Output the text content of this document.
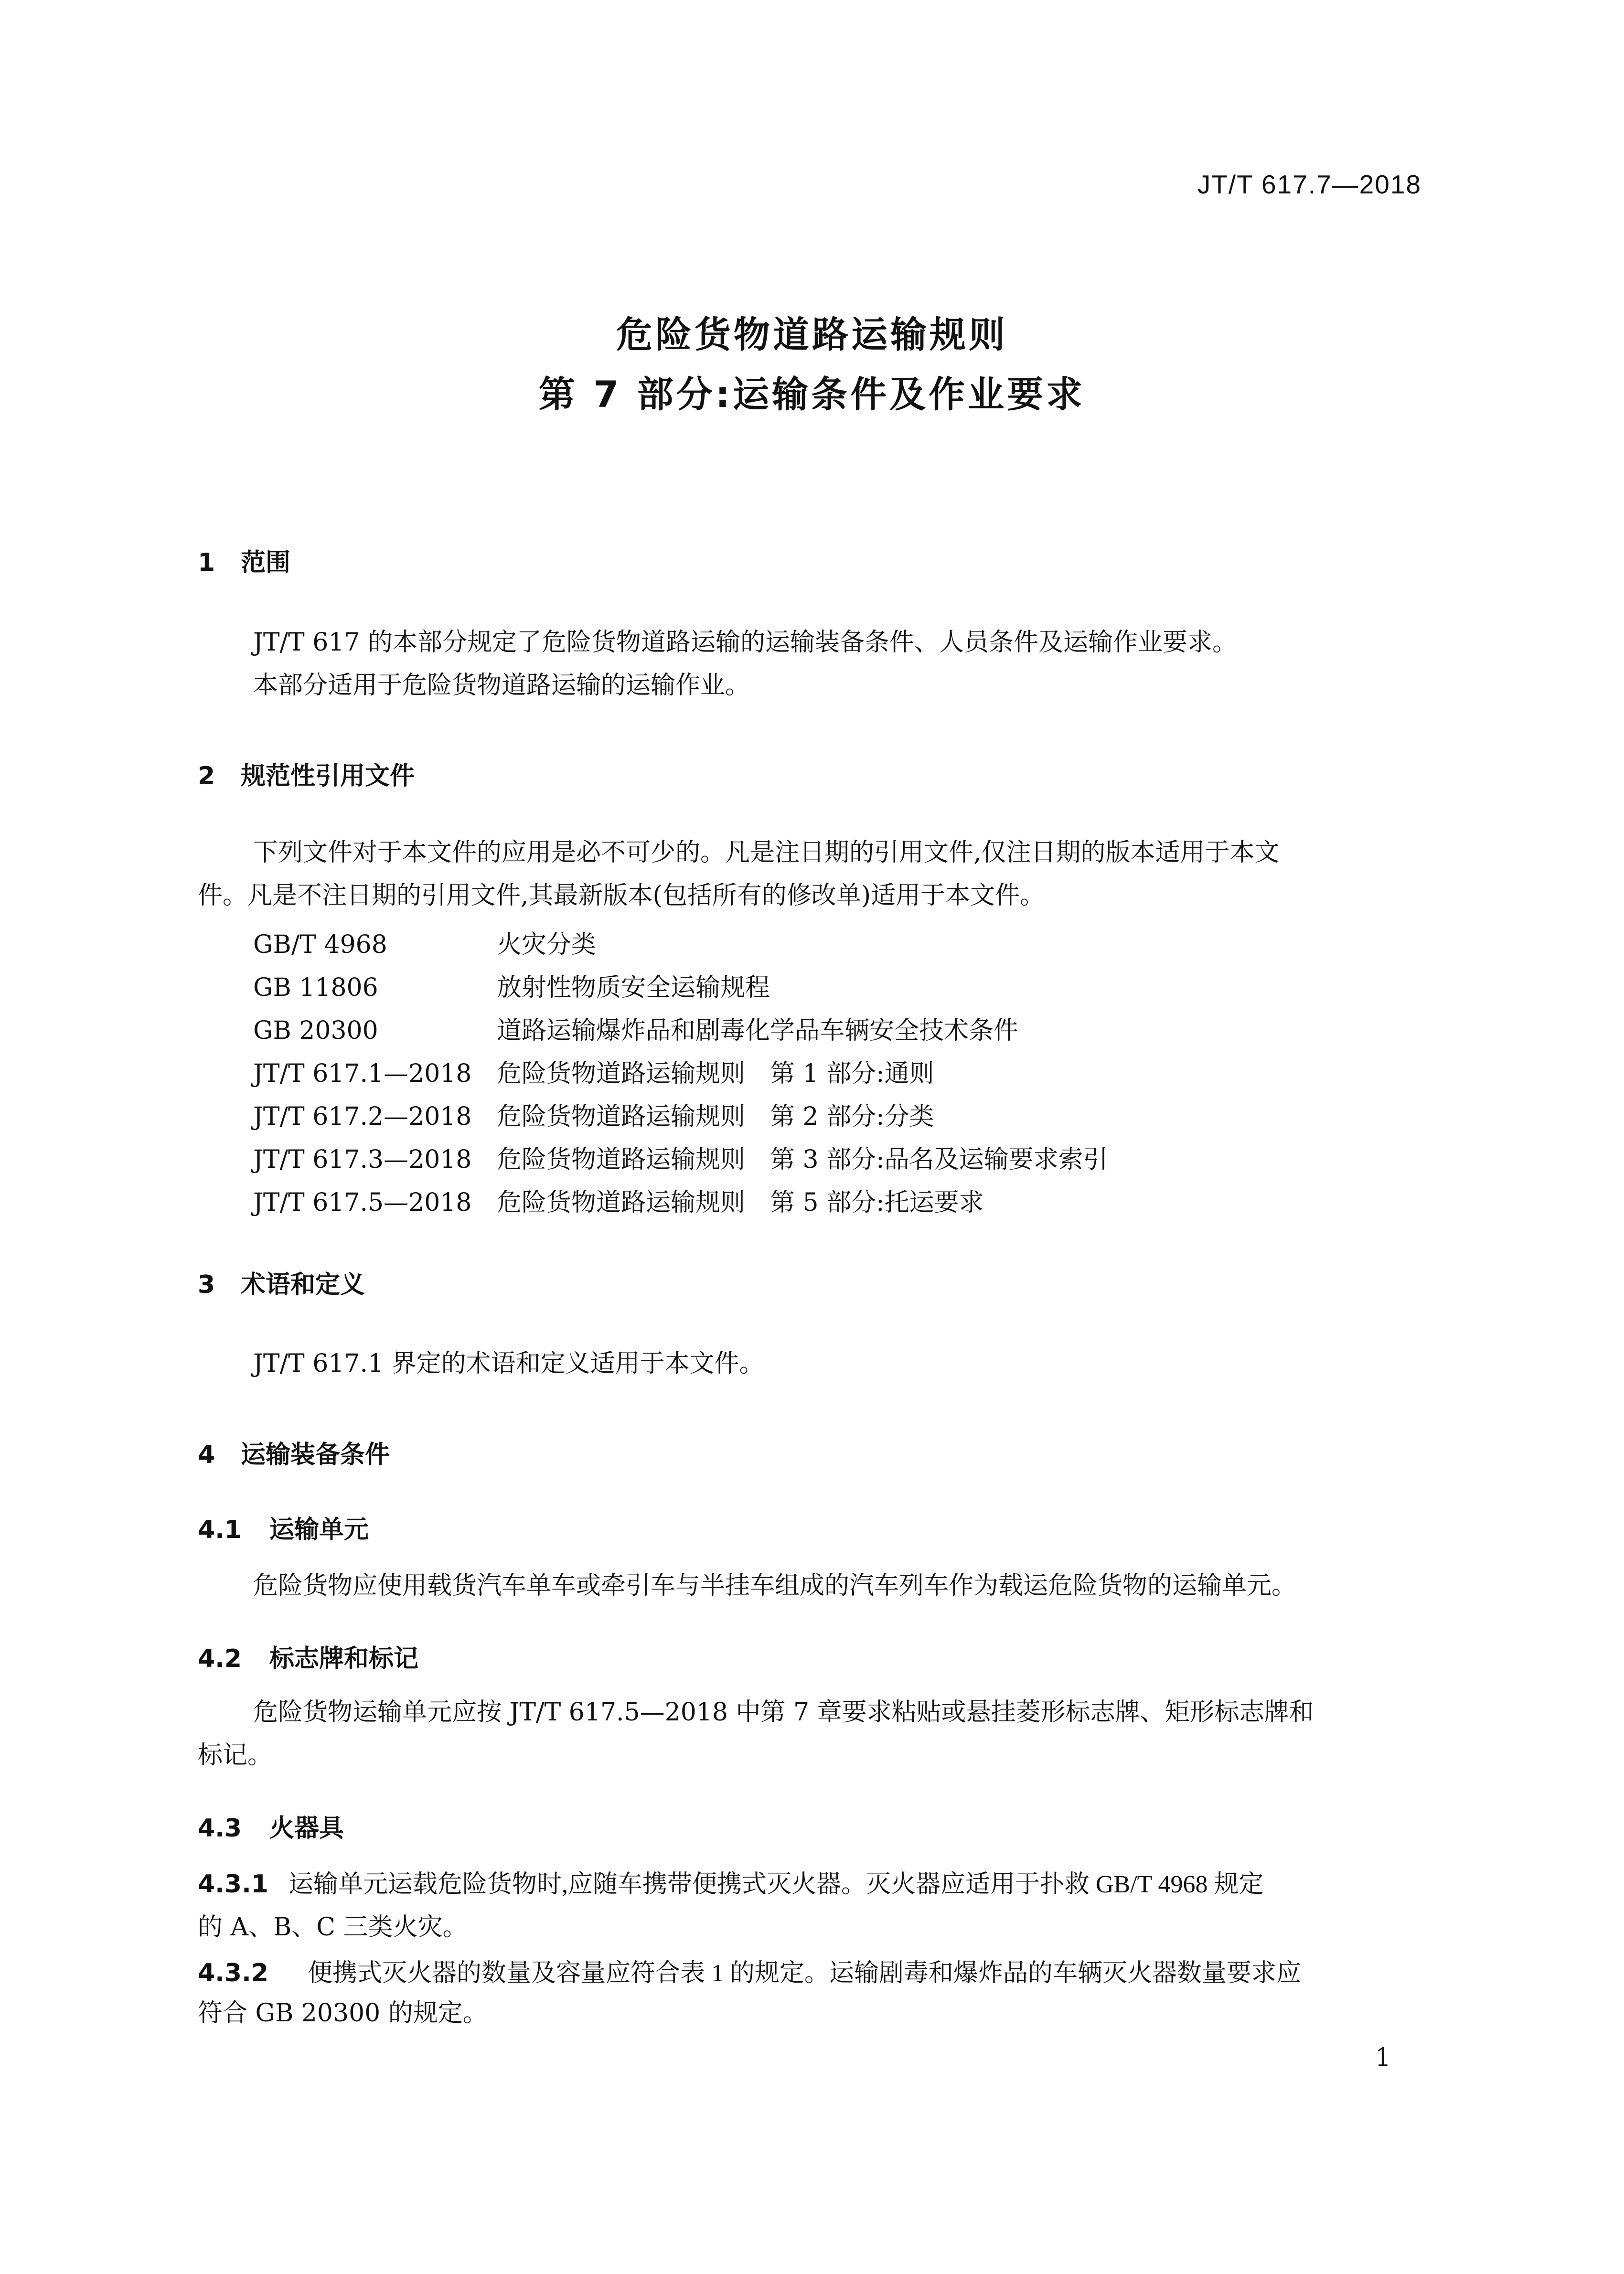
JT/T 617.7—2018
危险货物道路运输规则
第 7 部分:运输条件及作业要求
1 范围
JT/T 617 的本部分规定了危险货物道路运输的运输装备条件、人员条件及运输作业要求。
本部分适用于危险货物道路运输的运输作业。
2 规范性引用文件
下列文件对于本文件的应用是必不可少的。凡是注日期的引用文件,仅注日期的版本适用于本文
件。凡是不注日期的引用文件,其最新版本(包括所有的修改单)适用于本文件。
GB/T 4968	火灾分类
GB 11806	放射性物质安全运输规程
GB 20300	道路运输爆炸品和剧毒化学品车辆安全技术条件
JT/T 617.1—2018 危险货物道路运输规则　第 1 部分:通则
JT/T 617.2—2018 危险货物道路运输规则　第 2 部分:分类
JT/T 617.3—2018 危险货物道路运输规则　第 3 部分:品名及运输要求索引
JT/T 617.5—2018 危险货物道路运输规则　第 5 部分:托运要求
3 术语和定义
JT/T 617.1 界定的术语和定义适用于本文件。
4 运输装备条件
4.1 运输单元
危险货物应使用载货汽车单车或牵引车与半挂车组成的汽车列车作为载运危险货物的运输单元。
4.2 标志牌和标记
危险货物运输单元应按 JT/T 617.5—2018 中第 7 章要求粘贴或悬挂菱形标志牌、矩形标志牌和
标记。
4.3 火器具
4.3.1 运输单元运载危险货物时,应随车携带便携式灭火器。灭火器应适用于扑救 GB/T 4968 规定
的 A、B、C 三类火灾。
4.3.2 便携式灭火器的数量及容量应符合表 1 的规定。运输剧毒和爆炸品的车辆灭火器数量要求应
符合 GB 20300 的规定。
1
